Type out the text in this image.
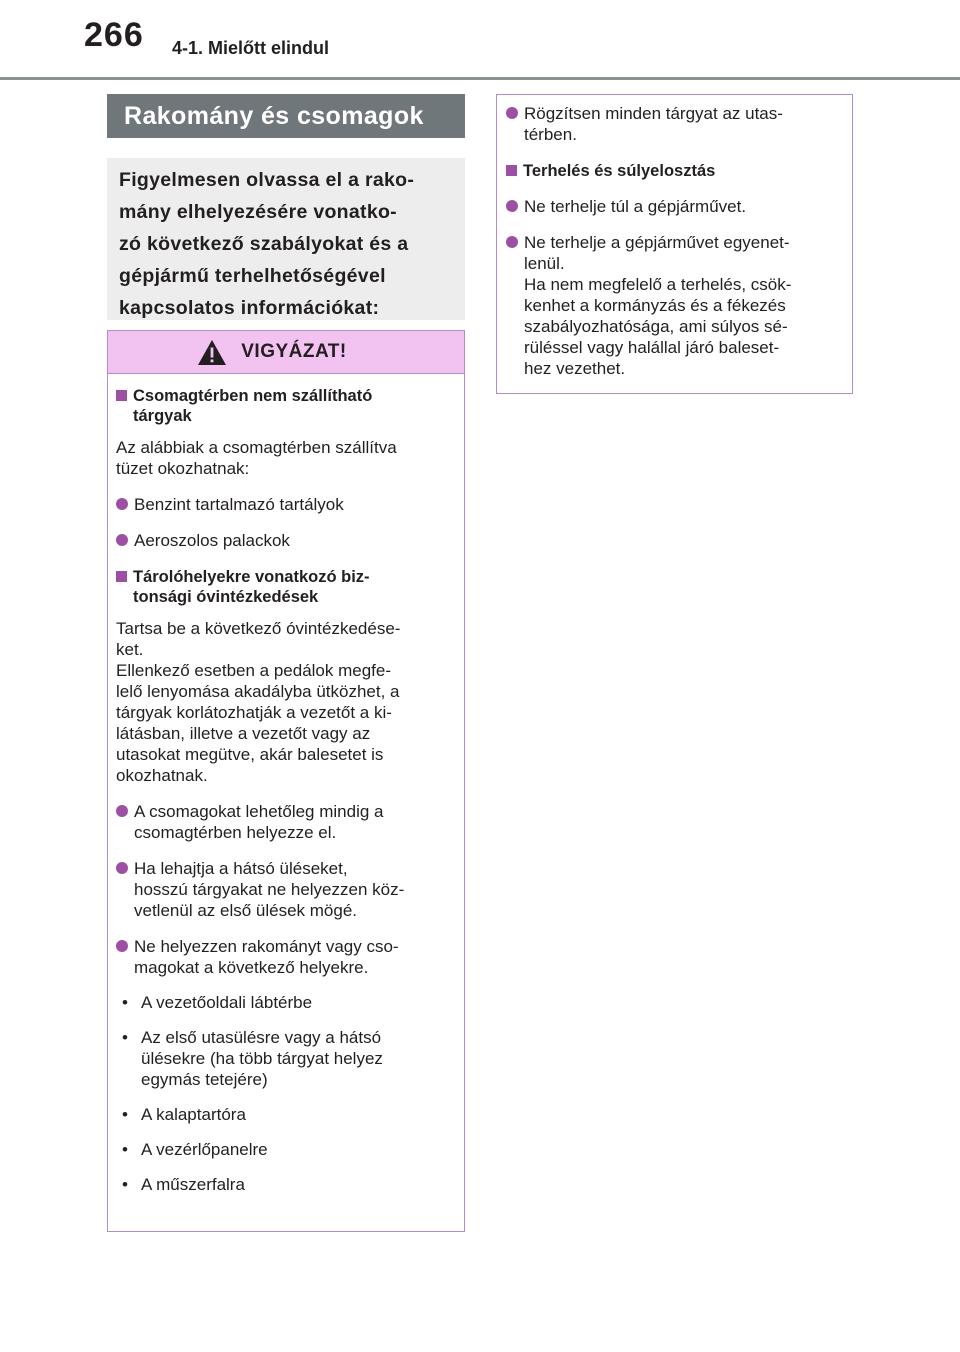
266 4-1. Mielőtt elindul
Rakomány és csomagok
Figyelmesen olvassa el a rako-
mány elhelyezésére vonatko-
zó következő szabályokat és a
gépjármű terhelhetőségével
kapcsolatos információkat:
VIGYÁZAT!
Csomagtérben nem szállítható
tárgyak
Az alábbiak a csomagtérben szállítva
tüzet okozhatnak:
Benzint tartalmazó tartályok
Aeroszolos palackok
Tárolóhelyekre vonatkozó biz-
tonsági óvintézkedések
Tartsa be a következő óvintézkedése-
ket.
Ellenkező esetben a pedálok megfe-
lelő lenyomása akadályba ütközhet, a
tárgyak korlátozhatják a vezetőt a ki-
látásban, illetve a vezetőt vagy az
utasokat megütve, akár balesetet is
okozhatnak.
A csomagokat lehetőleg mindig a
csomagtérben helyezze el.
Ha lehajtja a hátsó üléseket,
hosszú tárgyakat ne helyezzen köz-
vetlenül az első ülések mögé.
Ne helyezzen rakományt vagy cso-
magokat a következő helyekre.
• A vezetőoldali lábtérbe
• Az első utasülésre vagy a hátsó
ülésekre (ha több tárgyat helyez
egymás tetejére)
• A kalaptartóra
• A vezérlőpanelre
• A műszerfalra
Rögzítsen minden tárgyat az utas-
térben.
Terhelés és súlyelosztás
Ne terhelje túl a gépjárművet.
Ne terhelje a gépjárművet egyenet-
lenül.
Ha nem megfelelő a terhelés, csök-
kenhet a kormányzás és a fékezés
szabályozhatósága, ami súlyos sé-
rüléssel vagy halállal járó baleset-
hez vezethet.
